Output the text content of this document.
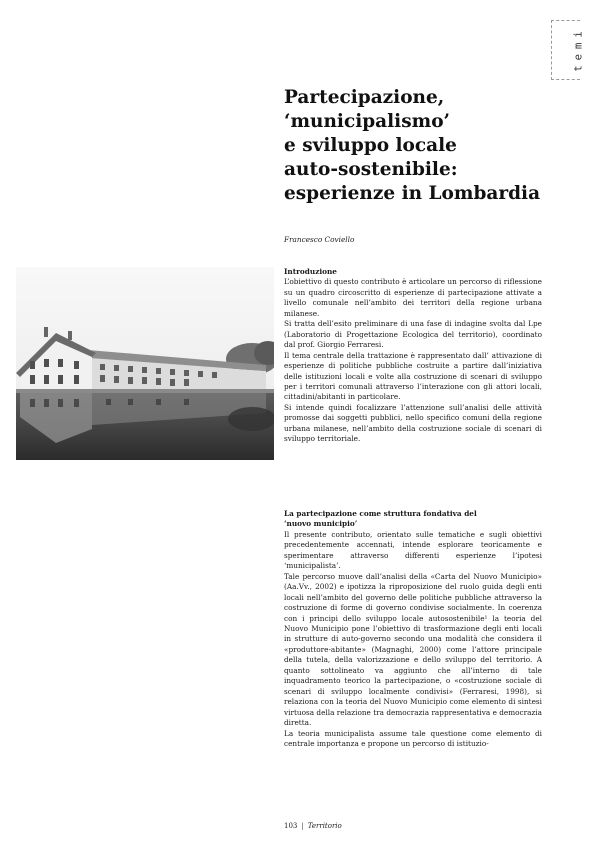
temi
Partecipazione,
‘municipalismo’
e sviluppo locale
auto-sostenibile:
esperienze in Lombardia
Francesco Coviello
Introduzione

L’obiettivo di questo contributo è articolare un percorso di riflessione su un quadro circoscritto di esperienze di partecipazione attivate a livello comunale nell’ambito dei territori della regione urbana milanese.

Si tratta dell’esito preliminare di una fase di indagine svolta dal Lpe (Laboratorio di Progettazione Ecologica del territorio), coordinato dal prof. Giorgio Ferraresi.

Il tema centrale della trattazione è rappresentato dall’ attivazione di esperienze di politiche pubbliche costruite a partire dall’iniziativa delle istituzioni locali e volte alla costruzione di scenari di sviluppo per i territori comunali attraverso l’interazione con gli attori locali, cittadini/abitanti in particolare.

Si intende quindi focalizzare l’attenzione sull’analisi delle attività promosse dai soggetti pubblici, nello specifico comuni della regione urbana milanese, nell’ambito della costruzione sociale di scenari di sviluppo territoriale.

La partecipazione come struttura fondativa del
‘nuovo municipio’

Il presente contributo, orientato sulle tematiche e sugli obiettivi precedentemente accennati, intende esplorare teoricamente e sperimentare attraverso differenti esperienze l’ipotesi ‘municipalista’.

Tale percorso muove dall’analisi della «Carta del Nuovo Municipio» (Aa.Vv., 2002) e ipotizza la riproposizione del ruolo guida degli enti locali nell’ambito del governo delle politiche pubbliche attraverso la costruzione di forme di governo condivise socialmente. In coerenza con i principi dello sviluppo locale autosostenibile¹ la teoria del Nuovo Municipio pone l’obiettivo di trasformazione degli enti locali in strutture di auto-governo secondo una modalità che considera il «produttore-abitante» (Magnaghi, 2000) come l’attore principale della tutela, della valorizzazione e dello sviluppo del territorio. A quanto sottolineato va aggiunto che all’interno di tale inquadramento teorico la partecipazione, o «costruzione sociale di scenari di sviluppo localmente condivisi» (Ferraresi, 1998), si relaziona con la teoria del Nuovo Municipio come elemento di sintesi virtuosa della relazione tra democrazia rappresentativa e democrazia diretta.

La teoria municipalista assume tale questione come elemento di centrale importanza e propone un percorso di istituzio-

103 | Territorio
